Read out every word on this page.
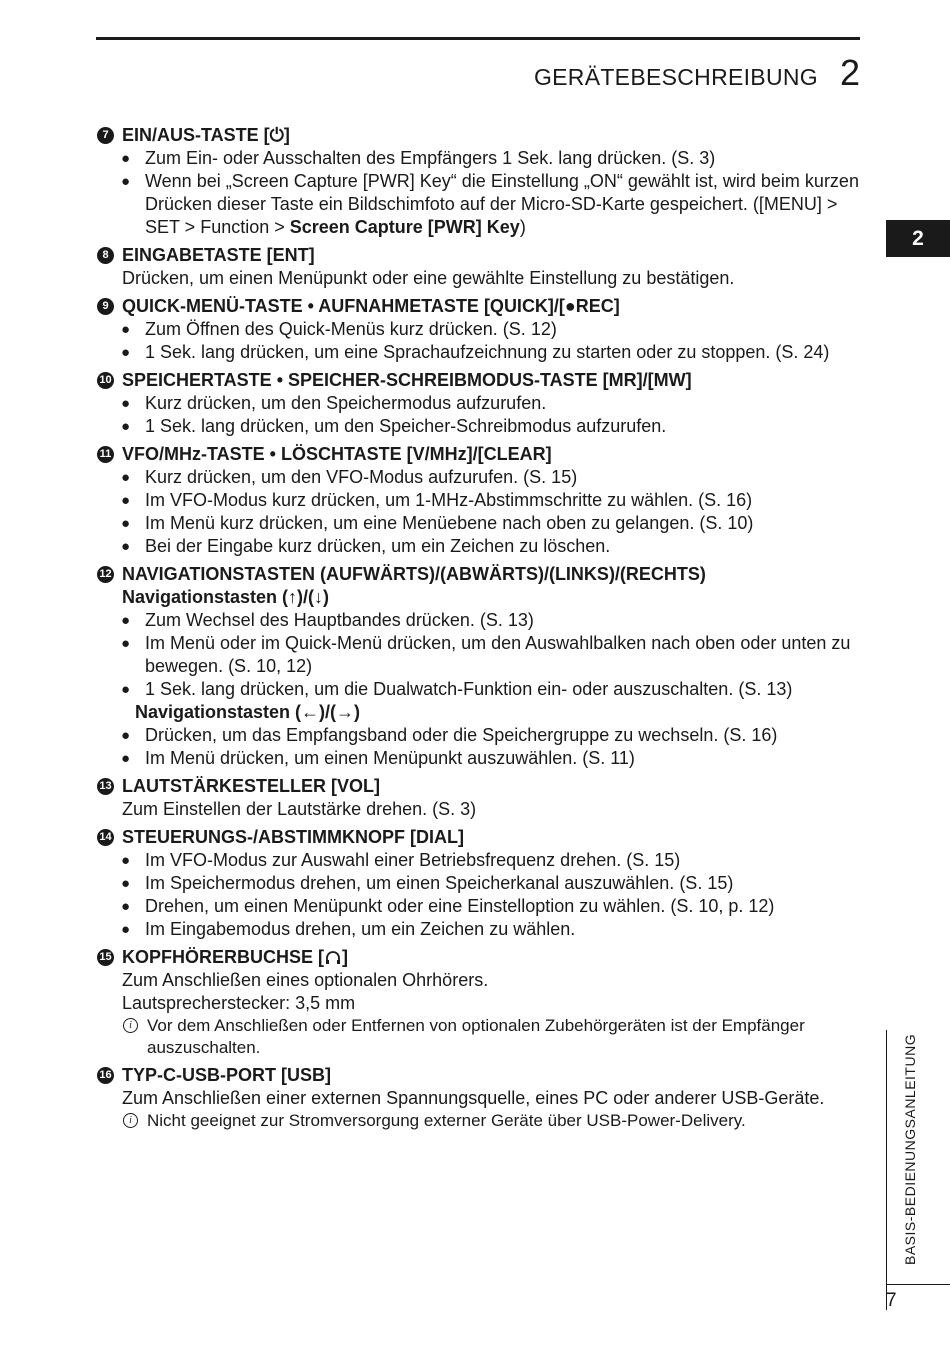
GERÄTEBESCHREIBUNG 2
2
7 EIN/AUS-TASTE [⏻]
● Zum Ein- oder Ausschalten des Empfängers 1 Sek. lang drücken. (S. 3)
● Wenn bei „Screen Capture [PWR] Key“ die Einstellung „ON“ gewählt ist, wird beim kurzen Drücken dieser Taste ein Bildschimfoto auf der Micro-SD-Karte gespeichert. ([MENU] > SET > Function > Screen Capture [PWR] Key)
8 EINGABETASTE [ENT]
Drücken, um einen Menüpunkt oder eine gewählte Einstellung zu bestätigen.
9 QUICK-MENÜ-TASTE • AUFNAHMETASTE [QUICK]/[●REC]
● Zum Öffnen des Quick-Menüs kurz drücken. (S. 12)
● 1 Sek. lang drücken, um eine Sprachaufzeichnung zu starten oder zu stoppen. (S. 24)
10 SPEICHERTASTE • SPEICHER-SCHREIBMODUS-TASTE [MR]/[MW]
● Kurz drücken, um den Speichermodus aufzurufen.
● 1 Sek. lang drücken, um den Speicher-Schreibmodus aufzurufen.
11 VFO/MHz-TASTE • LÖSCHTASTE [V/MHz]/[CLEAR]
● Kurz drücken, um den VFO-Modus aufzurufen. (S. 15)
● Im VFO-Modus kurz drücken, um 1-MHz-Abstimmschritte zu wählen. (S. 16)
● Im Menü kurz drücken, um eine Menüebene nach oben zu gelangen. (S. 10)
● Bei der Eingabe kurz drücken, um ein Zeichen zu löschen.
12 NAVIGATIONSTASTEN (AUFWÄRTS)/(ABWÄRTS)/(LINKS)/(RECHTS)
Navigationstasten (↑)/(↓)
● Zum Wechsel des Hauptbandes drücken. (S. 13)
● Im Menü oder im Quick-Menü drücken, um den Auswahlbalken nach oben oder unten zu bewegen. (S. 10, 12)
● 1 Sek. lang drücken, um die Dualwatch-Funktion ein- oder auszuschalten. (S. 13)
Navigationstasten (←)/(→)
● Drücken, um das Empfangsband oder die Speichergruppe zu wechseln. (S. 16)
● Im Menü drücken, um einen Menüpunkt auszuwählen. (S. 11)
13 LAUTSTÄRKESTELLER [VOL]
Zum Einstellen der Lautstärke drehen. (S. 3)
14 STEUERUNGS-/ABSTIMMKNOPF [DIAL]
● Im VFO-Modus zur Auswahl einer Betriebsfrequenz drehen. (S. 15)
● Im Speichermodus drehen, um einen Speicherkanal auszuwählen. (S. 15)
● Drehen, um einen Menüpunkt oder eine Einstelloption zu wählen. (S. 10, p. 12)
● Im Eingabemodus drehen, um ein Zeichen zu wählen.
15 KOPFHÖRERBUCHSE [ ]
Zum Anschließen eines optionalen Ohrhörers.
Lautsprecherstecker: 3,5 mm
i Vor dem Anschließen oder Entfernen von optionalen Zubehörgeräten ist der Empfänger auszuschalten.
16 TYP-C-USB-PORT [USB]
Zum Anschließen einer externen Spannungsquelle, eines PC oder anderer USB-Geräte.
i Nicht geeignet zur Stromversorgung externer Geräte über USB-Power-Delivery.	BASIS-BEDIENUNGSANLEITUNG
7
